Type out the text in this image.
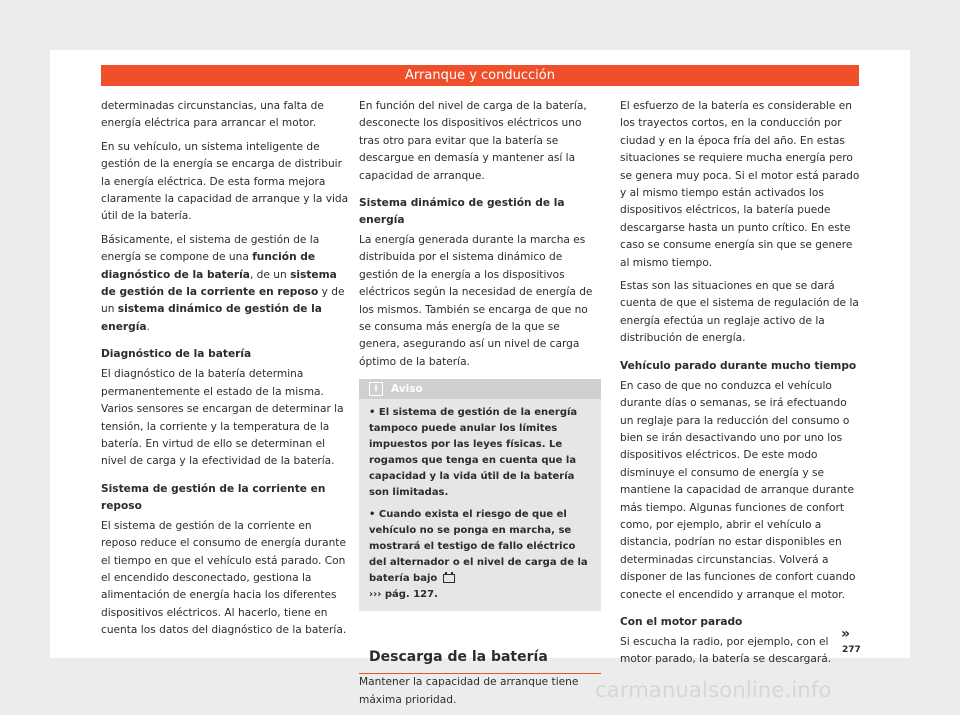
Arranque y conducción

determinadas circunstancias, una falta de energía eléctrica para arrancar el motor.

En su vehículo, un sistema inteligente de gestión de la energía se encarga de distribuir la energía eléctrica. De esta forma mejora claramente la capacidad de arranque y la vida útil de la batería.

Básicamente, el sistema de gestión de la energía se compone de una función de diagnóstico de la batería, de un sistema de gestión de la corriente en reposo y de un sistema dinámico de gestión de la energía.

Diagnóstico de la batería

El diagnóstico de la batería determina permanentemente el estado de la misma. Varios sensores se encargan de determinar la tensión, la corriente y la temperatura de la batería. En virtud de ello se determinan el nivel de carga y la efectividad de la batería.

Sistema de gestión de la corriente en reposo

El sistema de gestión de la corriente en reposo reduce el consumo de energía durante el tiempo en que el vehículo está parado. Con el encendido desconectado, gestiona la alimentación de energía hacia los diferentes dispositivos eléctricos. Al hacerlo, tiene en cuenta los datos del diagnóstico de la batería.

En función del nivel de carga de la batería, desconecte los dispositivos eléctricos uno tras otro para evitar que la batería se descargue en demasía y mantener así la capacidad de arranque.

Sistema dinámico de gestión de la energía

La energía generada durante la marcha es distribuida por el sistema dinámico de gestión de la energía a los dispositivos eléctricos según la necesidad de energía de los mismos. También se encarga de que no se consuma más energía de la que se genera, asegurando así un nivel de carga óptimo de la batería.

i	Aviso
• El sistema de gestión de la energía tampoco puede anular los límites impuestos por las leyes físicas. Le rogamos que tenga en cuenta que la capacidad y la vida útil de la batería son limitadas.
• Cuando exista el riesgo de que el vehículo no se ponga en marcha, se mostrará el testigo de fallo eléctrico del alternador o el nivel de carga de la batería bajo
››› pág. 127.
Descarga de la batería

Mantener la capacidad de arranque tiene máxima prioridad.

El esfuerzo de la batería es considerable en los trayectos cortos, en la conducción por ciudad y en la época fría del año. En estas situaciones se requiere mucha energía pero se genera muy poca. Si el motor está parado y al mismo tiempo están activados los dispositivos eléctricos, la batería puede descargarse hasta un punto crítico. En este caso se consume energía sin que se genere al mismo tiempo.

Estas son las situaciones en que se dará cuenta de que el sistema de regulación de la energía efectúa un reglaje activo de la distribución de energía.

Vehículo parado durante mucho tiempo

En caso de que no conduzca el vehículo durante días o semanas, se irá efectuando un reglaje para la reducción del consumo o bien se irán desactivando uno por uno los dispositivos eléctricos. De este modo disminuye el consumo de energía y se mantiene la capacidad de arranque durante más tiempo. Algunas funciones de confort como, por ejemplo, abrir el vehículo a distancia, podrían no estar disponibles en determinadas circunstancias. Volverá a disponer de las funciones de confort cuando conecte el encendido y arranque el motor.

Con el motor parado

Si escucha la radio, por ejemplo, con el motor parado, la batería se descargará.

»
277
carmanualsonline.info
